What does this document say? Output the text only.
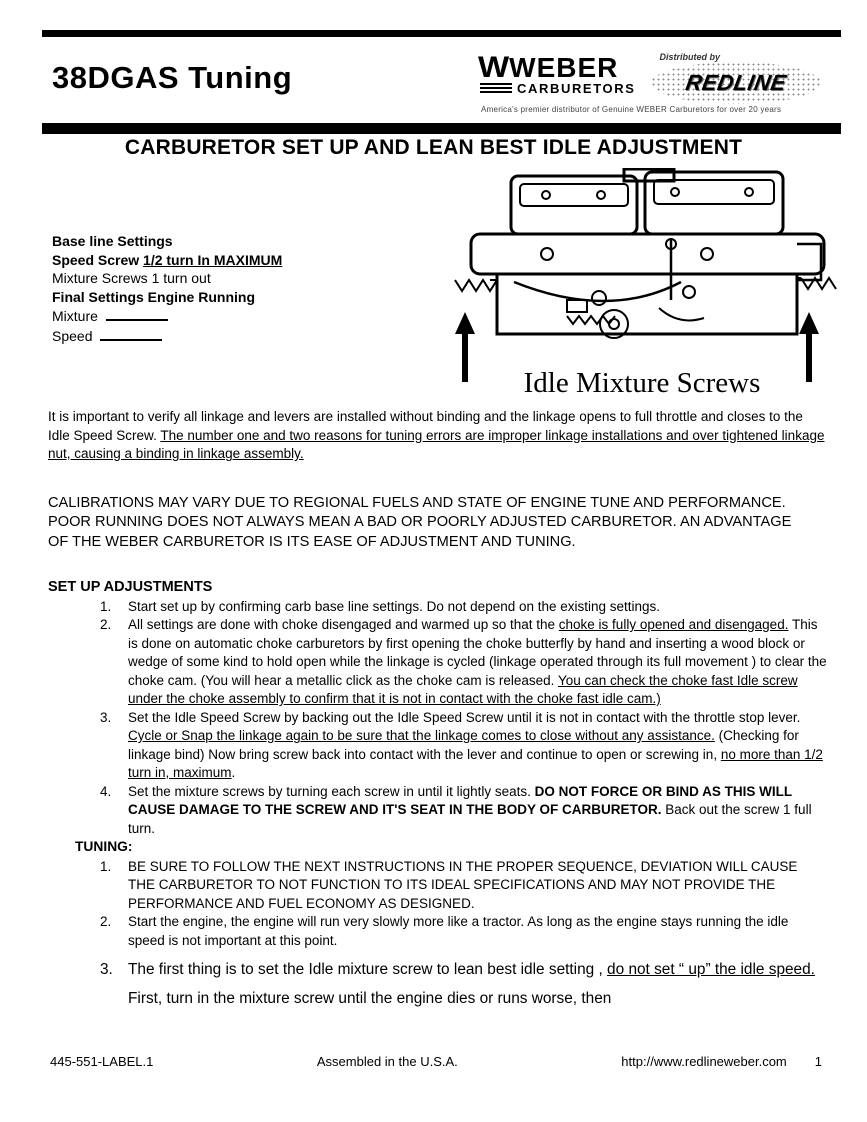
38DGAS Tuning	W WEBER
CARBURETORS
Distributed by
REDLINE
America's premier distributor of Genuine WEBER Carburetors for over 20 years
CARBURETOR SET UP AND LEAN BEST IDLE ADJUSTMENT
Base line Settings
Speed Screw 1/2 turn In MAXIMUM
Mixture Screws 1 turn out
Final Settings Engine Running
Mixture
Speed
Idle Mixture Screws

It is important to verify all linkage and levers are installed without binding and the linkage opens to full throttle and closes to the Idle Speed Screw. The number one and two reasons for tuning errors are improper linkage installations and over tightened linkage nut, causing a binding in linkage assembly.

CALIBRATIONS MAY VARY DUE TO REGIONAL FUELS AND STATE OF ENGINE TUNE AND PERFORMANCE. POOR RUNNING DOES NOT ALWAYS MEAN A BAD OR POORLY ADJUSTED CARBURETOR. AN ADVANTAGE OF THE WEBER CARBURETOR IS ITS EASE OF ADJUSTMENT AND TUNING.

SET UP ADJUSTMENTS
1.	Start set up by confirming carb base line settings. Do not depend on the existing settings.
2.	All settings are done with choke disengaged and warmed up so that the choke is fully opened and disengaged. This is done on automatic choke carburetors by first opening the choke butterfly by hand and inserting a wood block or wedge of some kind to hold open while the linkage is cycled (linkage operated through its full movement ) to clear the choke cam. (You will hear a metallic click as the choke cam is released. You can check the choke fast Idle screw under the choke assembly to confirm that it is not in contact with the choke fast idle cam.)
3.	Set the Idle Speed Screw by backing out the Idle Speed Screw until it is not in contact with the throttle stop lever. Cycle or Snap the linkage again to be sure that the linkage comes to close without any assistance. (Checking for linkage bind) Now bring screw back into contact with the lever and continue to open or screwing in, no more than 1/2 turn in, maximum.
4.	Set the mixture screws by turning each screw in until it lightly seats. DO NOT FORCE OR BIND AS THIS WILL CAUSE DAMAGE TO THE SCREW AND IT'S SEAT IN THE BODY OF CARBURETOR. Back out the screw 1 full turn.
TUNING:
1.	BE SURE TO FOLLOW THE NEXT INSTRUCTIONS IN THE PROPER SEQUENCE, DEVIATION WILL CAUSE THE CARBURETOR TO NOT FUNCTION TO ITS IDEAL SPECIFICATIONS AND MAY NOT PROVIDE THE PERFORMANCE AND FUEL ECONOMY AS DESIGNED.
2.	Start the engine, the engine will run very slowly more like a tractor. As long as the engine stays running the idle speed is not important at this point.
3. The first thing is to set the Idle mixture screw to lean best idle setting , do not set “ up” the idle speed. First, turn in the mixture screw until the engine dies or runs worse, then
445-551-LABEL.1	Assembled in the U.S.A.	http://www.redlineweber.com 1
